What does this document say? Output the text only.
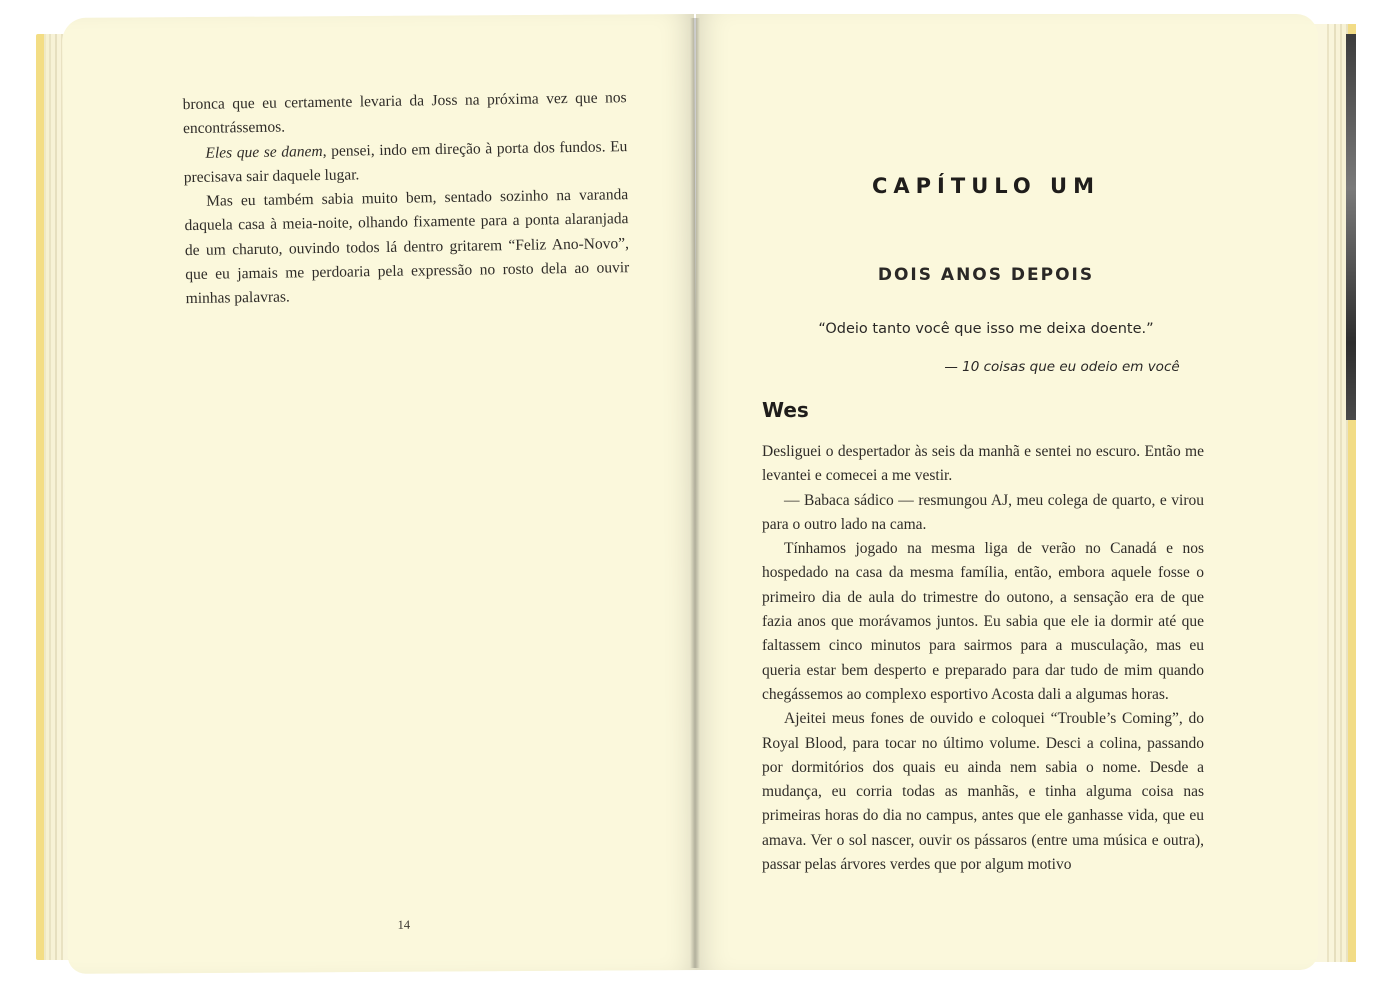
bronca que eu certamente levaria da Joss na próxima vez que nos encontrássemos.

Eles que se danem, pensei, indo em direção à porta dos fundos. Eu precisava sair daquele lugar.

Mas eu também sabia muito bem, sentado sozinho na varanda daquela casa à meia-noite, olhando fixamente para a ponta alaranjada de um charuto, ouvindo todos lá dentro gritarem “Feliz Ano-Novo”, que eu jamais me perdoaria pela expressão no rosto dela ao ouvir minhas palavras.

14
CAPÍTULO UM
DOIS ANOS DEPOIS
“Odeio tanto você que isso me deixa doente.”
— 10 coisas que eu odeio em você
Wes

Desliguei o despertador às seis da manhã e sentei no escuro. Então me levantei e comecei a me vestir.

— Babaca sádico — resmungou AJ, meu colega de quarto, e virou para o outro lado na cama.

Tínhamos jogado na mesma liga de verão no Canadá e nos hospedado na casa da mesma família, então, embora aquele fosse o primeiro dia de aula do trimestre do outono, a sensação era de que fazia anos que morávamos juntos. Eu sabia que ele ia dormir até que faltassem cinco minutos para sairmos para a musculação, mas eu queria estar bem desperto e preparado para dar tudo de mim quando chegássemos ao complexo esportivo Acosta dali a algumas horas.

Ajeitei meus fones de ouvido e coloquei “Trouble’s Coming”, do Royal Blood, para tocar no último volume. Desci a colina, passando por dormitórios dos quais eu ainda nem sabia o nome. Desde a mudança, eu corria todas as manhãs, e tinha alguma coisa nas primeiras horas do dia no campus, antes que ele ganhasse vida, que eu amava. Ver o sol nascer, ouvir os pássaros (entre uma música e outra), passar pelas árvores verdes que por algum motivo
